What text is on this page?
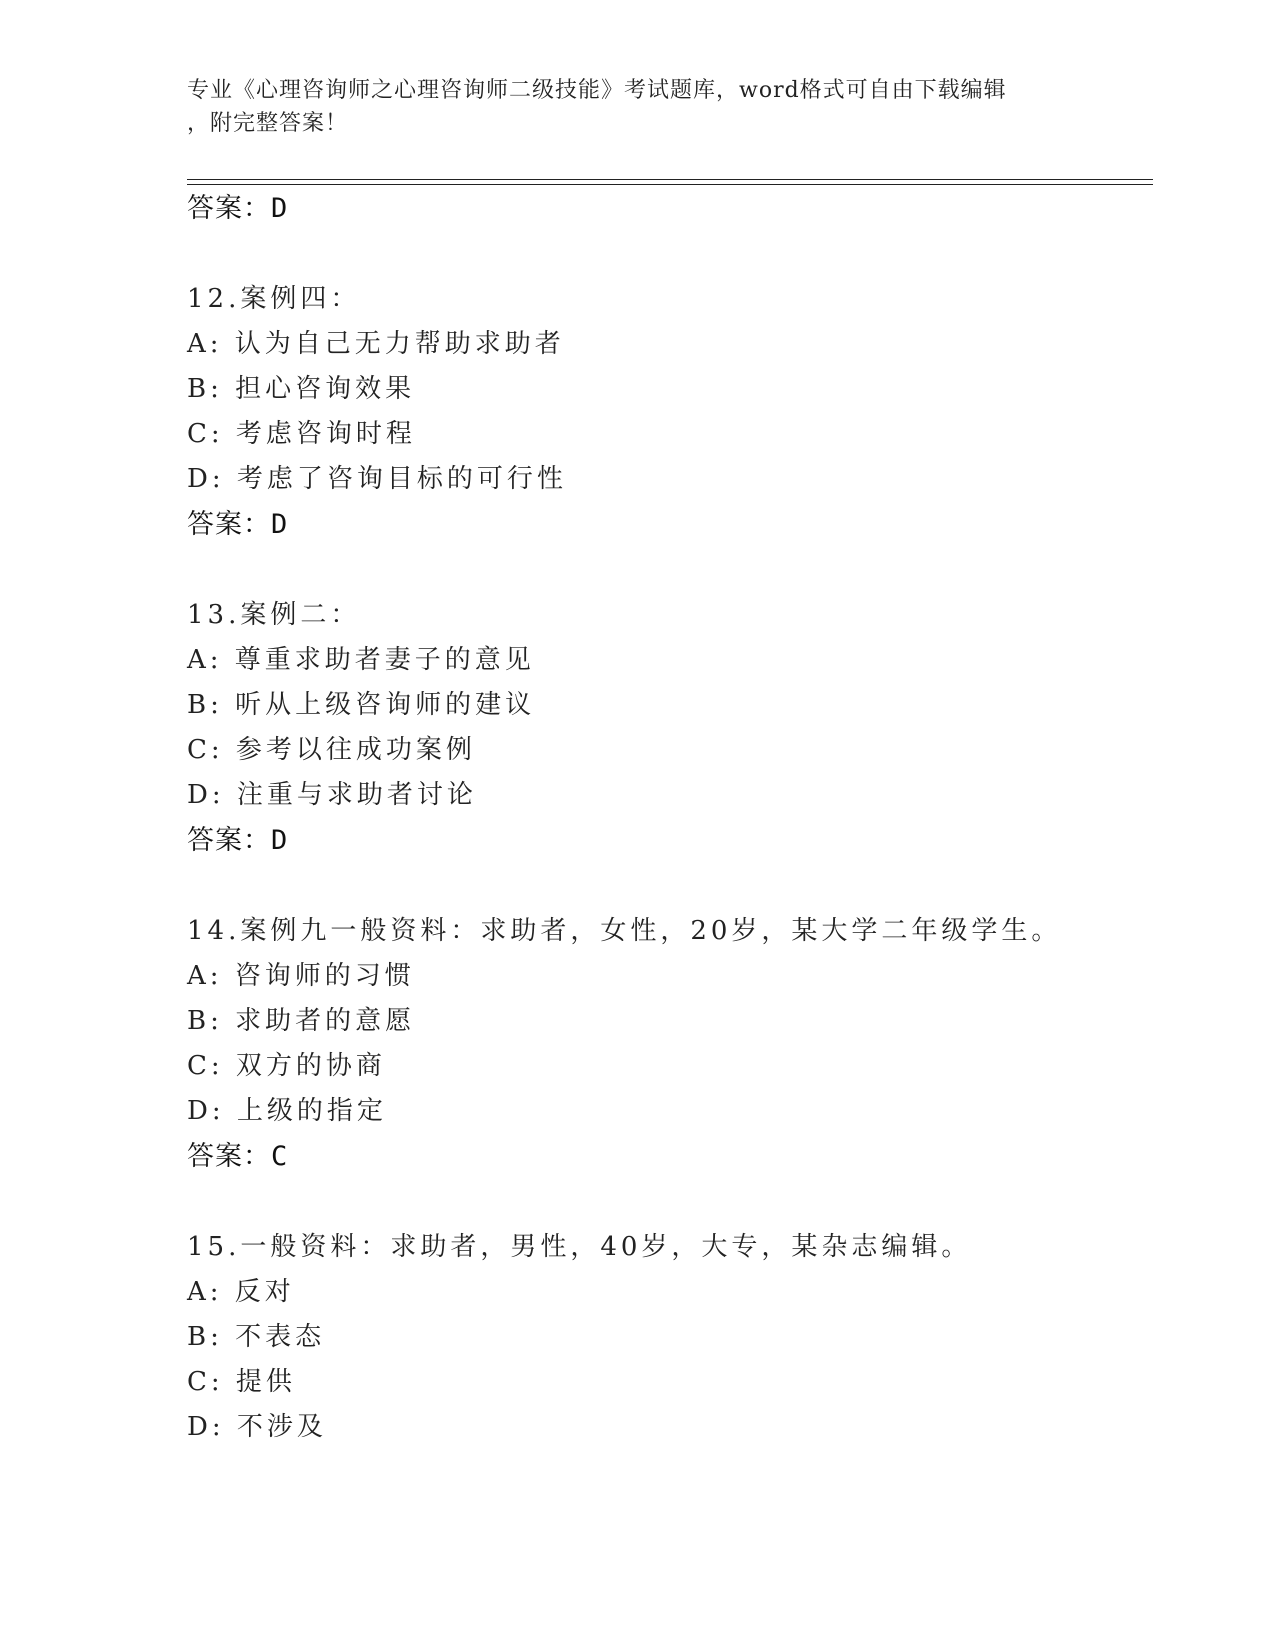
专业《心理咨询师之心理咨询师二级技能》考试题库，word格式可自由下载编辑
，附完整答案！
答案：D
12.案例四：
A: 认为自己无力帮助求助者
B: 担心咨询效果
C: 考虑咨询时程
D: 考虑了咨询目标的可行性
答案：D
13.案例二：
A: 尊重求助者妻子的意见
B: 听从上级咨询师的建议
C: 参考以往成功案例
D: 注重与求助者讨论
答案：D
14.案例九一般资料：求助者，女性，20岁，某大学二年级学生。
A: 咨询师的习惯
B: 求助者的意愿
C: 双方的协商
D: 上级的指定
答案：C
15.一般资料：求助者，男性，40岁，大专，某杂志编辑。
A: 反对
B: 不表态
C: 提供
D: 不涉及
